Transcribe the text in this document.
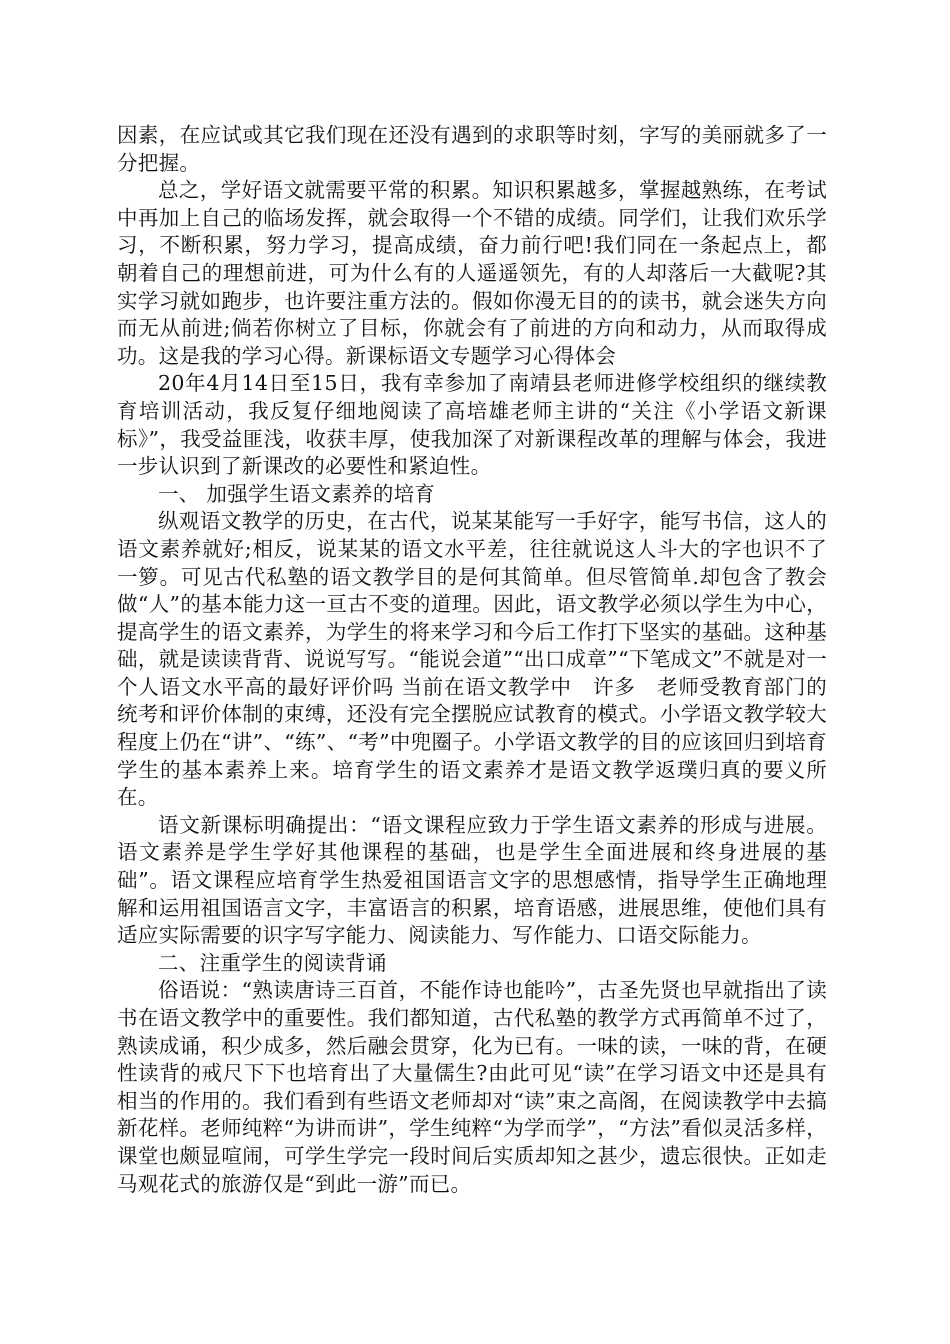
因素，在应试或其它我们现在还没有遇到的求职等时刻，字写的美丽就多了一分把握。

总之，学好语文就需要平常的积累。知识积累越多，掌握越熟练，在考试中再加上自己的临场发挥，就会取得一个不错的成绩。同学们，让我们欢乐学习，不断积累，努力学习，提高成绩，奋力前行吧!我们同在一条起点上，都朝着自己的理想前进，可为什么有的人遥遥领先，有的人却落后一大截呢?其实学习就如跑步，也许要注重方法的。假如你漫无目的的读书，就会迷失方向而无从前进;倘若你树立了目标，你就会有了前进的方向和动力，从而取得成功。这是我的学习心得。新课标语文专题学习心得体会

20年4月14日至15日，我有幸参加了南靖县老师进修学校组织的继续教育培训活动，我反复仔细地阅读了高培雄老师主讲的“关注《小学语文新课标》”，我受益匪浅，收获丰厚，使我加深了对新课程改革的理解与体会，我进一步认识到了新课改的必要性和紧迫性。

一、 加强学生语文素养的培育

纵观语文教学的历史，在古代，说某某能写一手好字，能写书信，这人的语文素养就好;相反，说某某的语文水平差，往往就说这人斗大的字也识不了一箩。可见古代私塾的语文教学目的是何其简单。但尽管简单.却包含了教会做“人”的基本能力这一亘古不变的道理。因此，语文教学必须以学生为中心，提高学生的语文素养，为学生的将来学习和今后工作打下坚实的基础。这种基础，就是读读背背、说说写写。“能说会道”“出口成章”“下笔成文”不就是对一个人语文水平高的最好评价吗 当前在语文教学中　许多　老师受教育部门的统考和评价体制的束缚，还没有完全摆脱应试教育的模式。小学语文教学较大程度上仍在“讲”、“练”、“考”中兜圈子。小学语文教学的目的应该回归到培育学生的基本素养上来。培育学生的语文素养才是语文教学返璞归真的要义所在。

语文新课标明确提出：“语文课程应致力于学生语文素养的形成与进展。语文素养是学生学好其他课程的基础，也是学生全面进展和终身进展的基础”。语文课程应培育学生热爱祖国语言文字的思想感情，指导学生正确地理解和运用祖国语言文字，丰富语言的积累，培育语感，进展思维，使他们具有适应实际需要的识字写字能力、阅读能力、写作能力、口语交际能力。

二、注重学生的阅读背诵

俗语说：“熟读唐诗三百首，不能作诗也能吟”，古圣先贤也早就指出了读书在语文教学中的重要性。我们都知道，古代私塾的教学方式再简单不过了，熟读成诵，积少成多，然后融会贯穿，化为已有。一味的读，一味的背，在硬性读背的戒尺下下也培育出了大量儒生?由此可见“读”在学习语文中还是具有相当的作用的。我们看到有些语文老师却对“读”束之高阁，在阅读教学中去搞新花样。老师纯粹“为讲而讲”，学生纯粹“为学而学”，“方法”看似灵活多样，课堂也颇显喧闹，可学生学完一段时间后实质却知之甚少，遗忘很快。正如走马观花式的旅游仅是“到此一游”而已。
